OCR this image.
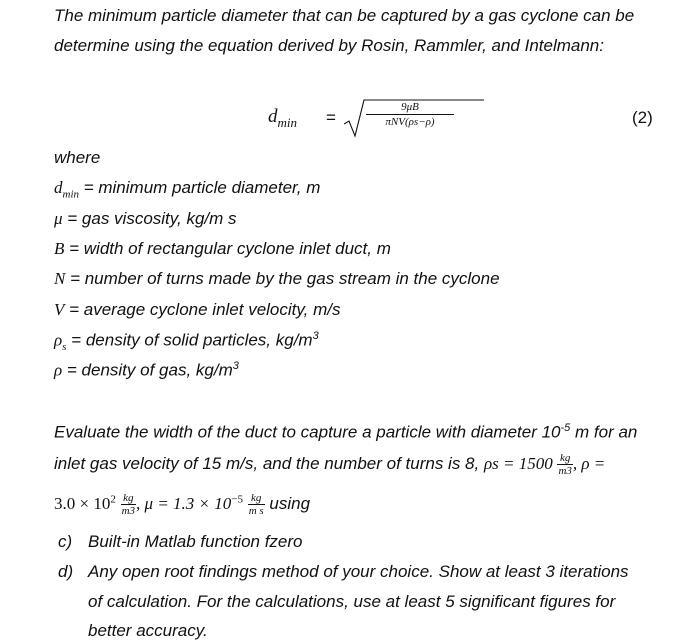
The minimum particle diameter that can be captured by a gas cyclone can be
determine using the equation derived by Rosin, Rammler, and Intelmann:
$d_{min}$ =
9μB
πNV(ρs−ρ)	(2)
where
$d_{min}$ = minimum particle diameter, m
μ = gas viscosity, kg/m s
B = width of rectangular cyclone inlet duct, m
N = number of turns made by the gas stream in the cyclone
V = average cyclone inlet velocity, m/s
$\rho_s$ = density of solid particles, $kg/m^3$
ρ = density of gas, $kg/m^3$
Evaluate the width of the duct to capture a particle with diameter $10^{-5}$ m for an
inlet gas velocity of 15 m/s, and the number of turns is 8, $\rho s = 1500 \frac{kg}{m3}$ , ρ =
$3.0 \times 10^2 \frac{kg}{m3}$ , $\mu = 1.3 \times 10^{-5} \frac{kg}{\text{m s}}$ using
c) Built-in Matlab function fzero
d) Any open root findings method of your choice. Show at least 3 iterations
of calculation. For the calculations, use at least 5 significant figures for
better accuracy.
